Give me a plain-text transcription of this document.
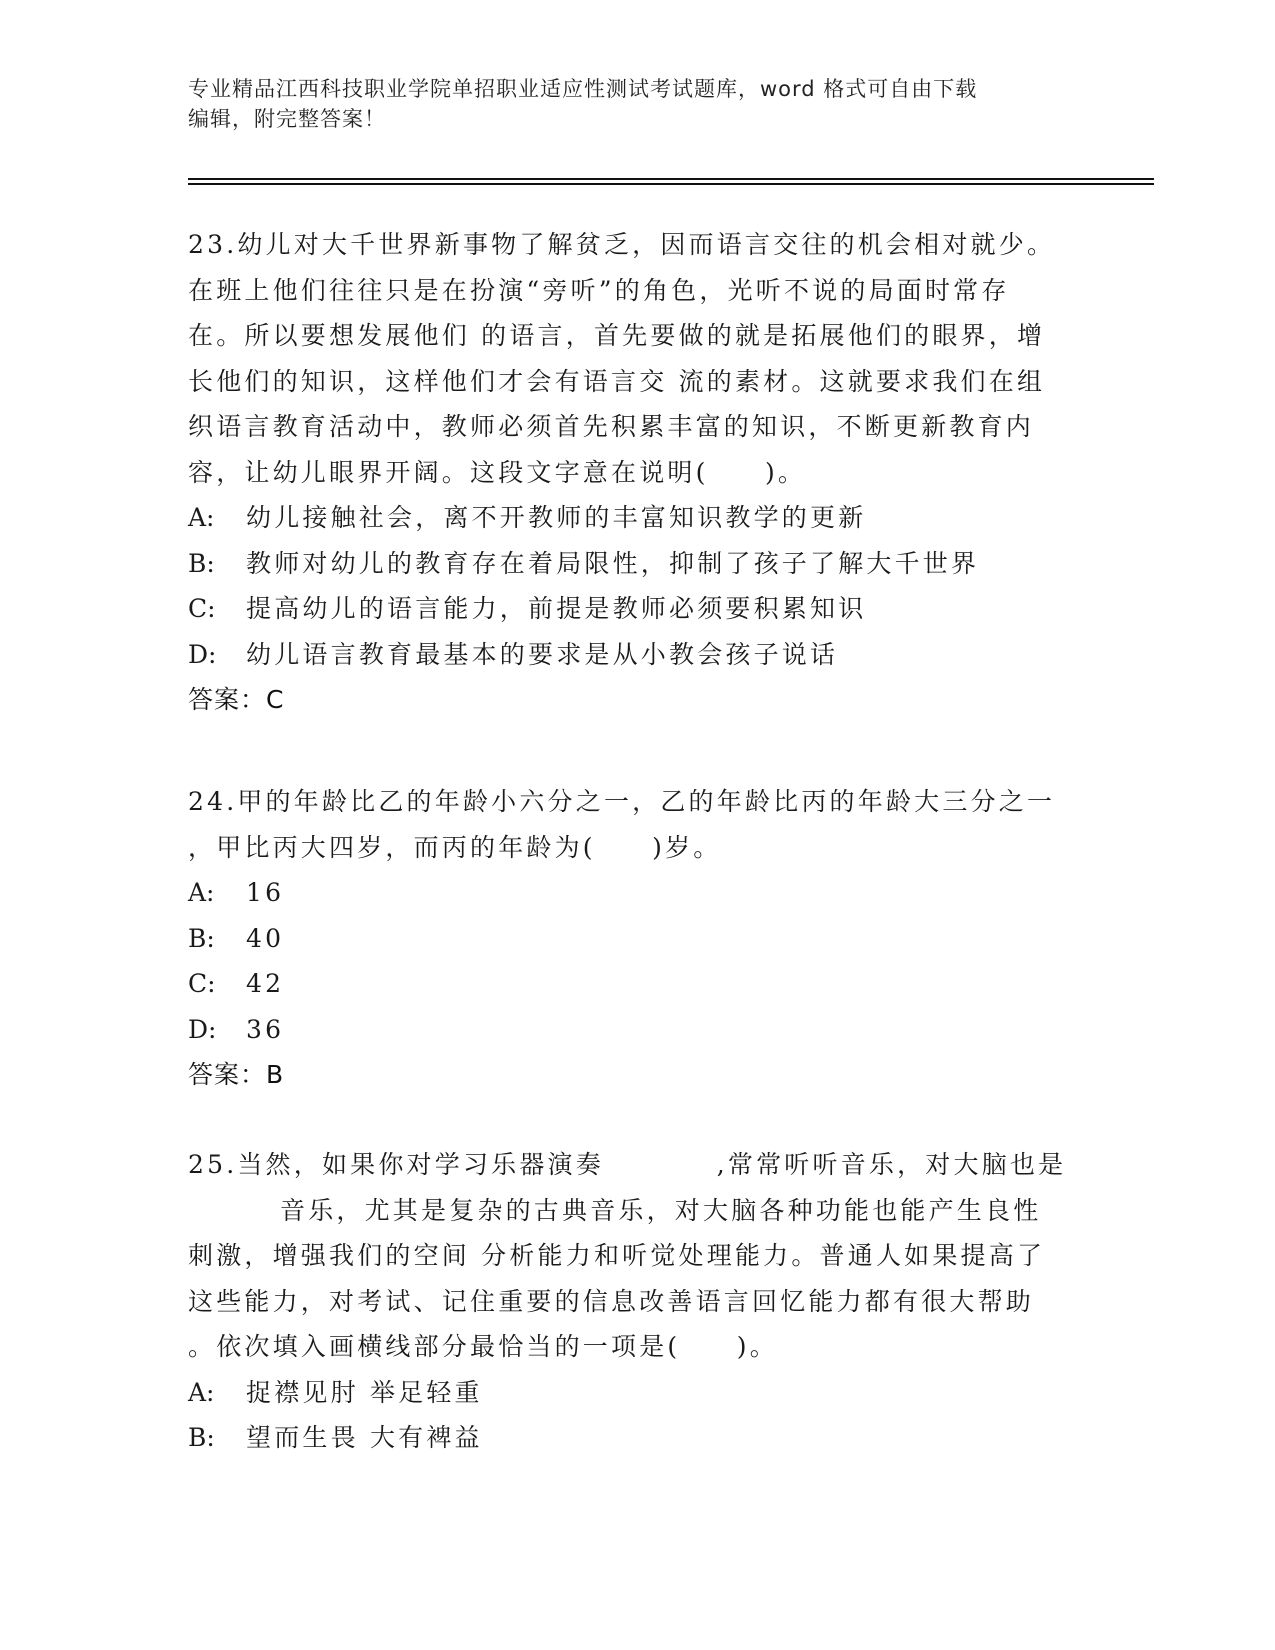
专业精品江西科技职业学院单招职业适应性测试考试题库，word 格式可自由下载
编辑，附完整答案！

23.幼儿对大千世界新事物了解贫乏，因而语言交往的机会相对就少。

在班上他们往往只是在扮演“旁听”的角色，光听不说的局面时常存

在。所以要想发展他们 的语言，首先要做的就是拓展他们的眼界，增

长他们的知识，这样他们才会有语言交 流的素材。这就要求我们在组

织语言教育活动中，教师必须首先积累丰富的知识，不断更新教育内

容，让幼儿眼界开阔。这段文字意在说明(　　)。

A:	幼儿接触社会，离不开教师的丰富知识教学的更新
B:	教师对幼儿的教育存在着局限性，抑制了孩子了解大千世界
C:	提高幼儿的语言能力，前提是教师必须要积累知识
D:	幼儿语言教育最基本的要求是从小教会孩子说话
答案：C

24.甲的年龄比乙的年龄小六分之一，乙的年龄比丙的年龄大三分之一

，甲比丙大四岁，而丙的年龄为(　　)岁。

A:	16
B:	40
C:	42
D:	36
答案：B

25.当然，如果你对学习乐器演奏　　　　,常常听听音乐，对大脑也是

音乐，尤其是复杂的古典音乐，对大脑各种功能也能产生良性

刺激，增强我们的空间 分析能力和听觉处理能力。普通人如果提高了

这些能力，对考试、记住重要的信息改善语言回忆能力都有很大帮助

。依次填入画横线部分最恰当的一项是(　　)。

A:	捉襟见肘 举足轻重
B:	望而生畏 大有裨益
